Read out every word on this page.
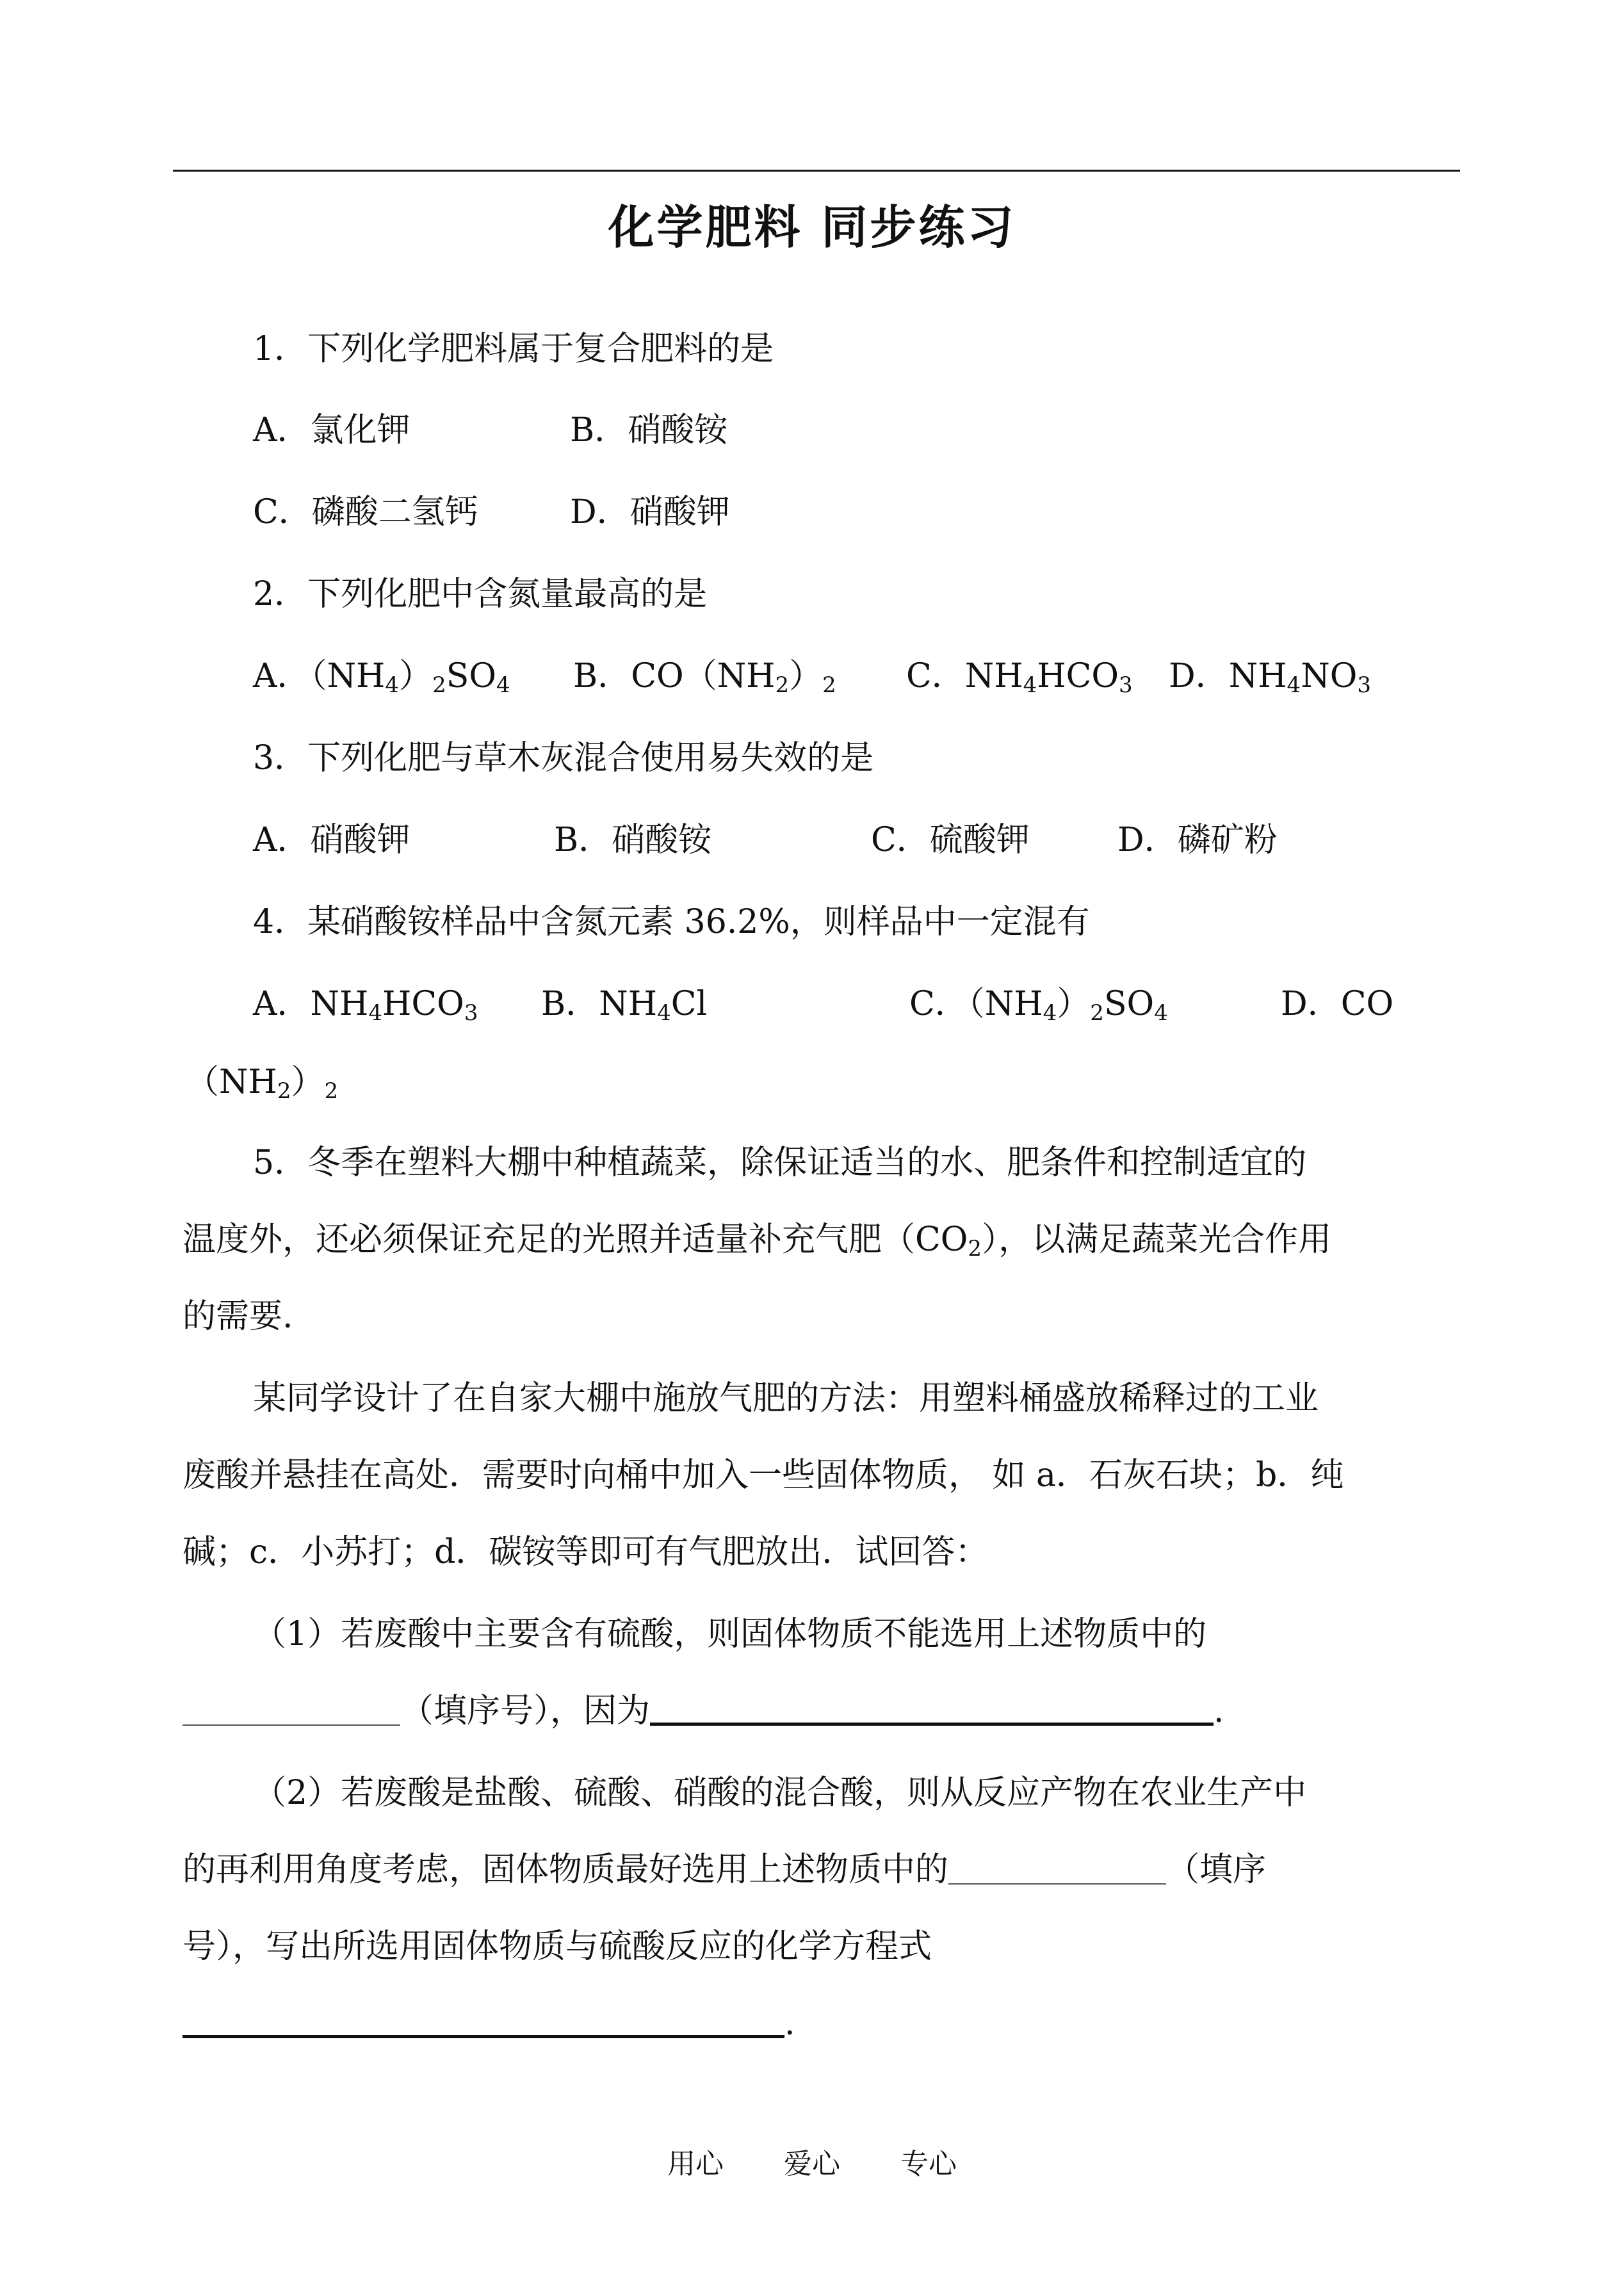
化学肥料 同步练习
1．下列化学肥料属于复合肥料的是
A．氯化钾	B．硝酸铵
C．磷酸二氢钙	D．硝酸钾
2．下列化肥中含氮量最高的是
A．$(NH_4)_2SO_4$ B．$CO(NH_2)_2$ C．$NH_4HCO_3$ D．$NH_4NO_3$
3．下列化肥与草木灰混合使用易失效的是
A．硝酸钾	B．硝酸铵	C．硫酸钾	D．磷矿粉
4．某硝酸铵样品中含氮元素 36.2%，则样品中一定混有
A．$NH_4HCO_3$ B．$NH_4Cl$	C．$(NH_4)_2SO_4$	D．CO
$(NH_2)_2$
5．冬季在塑料大棚中种植蔬菜，除保证适当的水、肥条件和控制适宜的
温度外，还必须保证充足的光照并适量补充气肥$(CO_2)$，以满足蔬菜光合作用
的需要.
某同学设计了在自家大棚中施放气肥的方法：用塑料桶盛放稀释过的工业
废酸并悬挂在高处．需要时向桶中加入一些固体物质， 如 a．石灰石块；b．纯
碱；c．小苏打；d．碳铵等即可有气肥放出．试回答：
（1）若废酸中主要含有硫酸，则固体物质不能选用上述物质中的
（填序号），因为	.
（2）若废酸是盐酸、硫酸、硝酸的混合酸，则从反应产物在农业生产中
的再利用角度考虑，固体物质最好选用上述物质中的	（填序
号），写出所选用固体物质与硫酸反应的化学方程式
.
用心 爱心 专心
